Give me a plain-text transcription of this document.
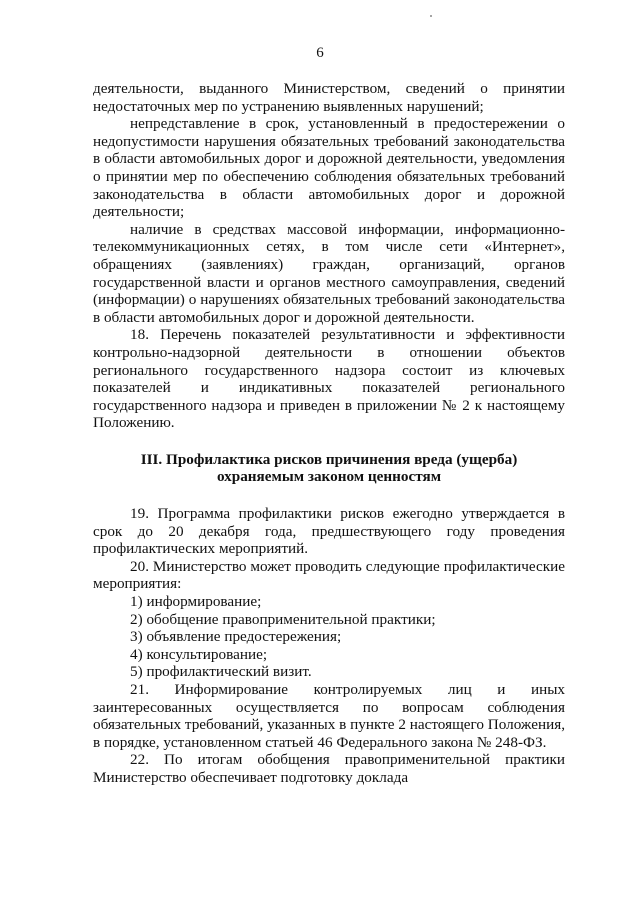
6

деятельности, выданного Министерством, сведений о принятии недостаточных мер по устранению выявленных нарушений;

непредставление в срок, установленный в предостережении о недопустимости нарушения обязательных требований законодательства в области автомобильных дорог и дорожной деятельности, уведомления о принятии мер по обеспечению соблюдения обязательных требований законодательства в области автомобильных дорог и дорожной деятельности;

наличие в средствах массовой информации, информационно-телекоммуникационных сетях, в том числе сети «Интернет», обращениях (заявлениях) граждан, организаций, органов государственной власти и органов местного самоуправления, сведений (информации) о нарушениях обязательных требований законодательства в области автомобильных дорог и дорожной деятельности.

18. Перечень показателей результативности и эффективности контрольно-надзорной деятельности в отношении объектов регионального государственного надзора состоит из ключевых показателей и индикативных показателей регионального государственного надзора и приведен в приложении № 2 к настоящему Положению.

III. Профилактика рисков причинения вреда (ущерба)
охраняемым законом ценностям

19. Программа профилактики рисков ежегодно утверждается в срок до 20 декабря года, предшествующего году проведения профилактических мероприятий.

20. Министерство может проводить следующие профилактические мероприятия:

1) информирование;

2) обобщение правоприменительной практики;

3) объявление предостережения;

4) консультирование;

5) профилактический визит.

21. Информирование контролируемых лиц и иных заинтересованных осуществляется по вопросам соблюдения обязательных требований, указанных в пункте 2 настоящего Положения, в порядке, установленном статьей 46 Федерального закона № 248-ФЗ.

22. По итогам обобщения правоприменительной практики Министерство обеспечивает подготовку доклада
